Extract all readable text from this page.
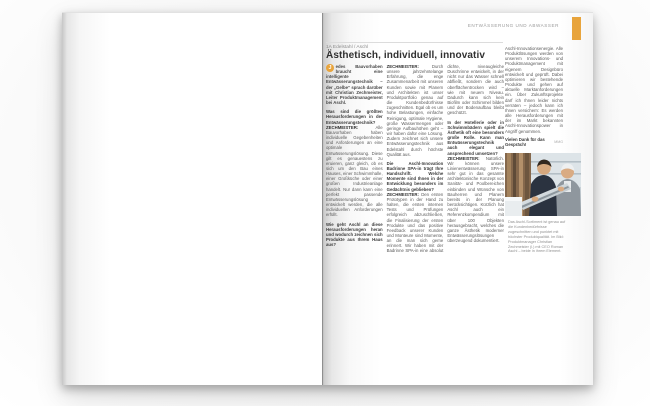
ENTWÄSSERUNG UND ABWASSER
1A Edelstahl / Aschl
Ästhetisch, individuell, innovativ

J edes Bauvorhaben braucht eine intelligente Entwässerungstechnik – der „Gelbe“ sprach darüber mit Christian Zechmeister, Leiter Produktmanagement bei Aschl.

Was sind die größten Herausforderungen in der Entwässerungstechnik?

ZECHMEISTER: Alle Bauvorhaben haben individuelle Gegebenheiten und Anforderungen an eine optimale Entwässerungslösung. Diese gilt es genauestens zu eruieren, ganz gleich, ob es sich um den Bau eines Hauses, einer Schwimmhalle, einer Großküche oder einer großen Industrieanlage handelt. Nur dann kann eine perfekt passende Entwässerungslösung entwickelt werden, die alle individuellen Anforderungen erfüllt.

Wie geht Aschl an diese Herausforderungen heran und wodurch zeichnen sich Produkte aus Ihrem Haus aus?

ZECHMEISTER: Durch unsere jahrzehntelange Erfahrung, die enge Zusammenarbeit mit unseren Kunden sowie mit Planern und Architekten ist unser Produktportfolio genau auf die Kundenbedürfnisse zugeschnitten. Egal ob es um hohe Belastungen, einfache Reinigung, optimale Hygiene, große Wassermengen oder geringe Aufbauhöhen geht – wir haben dafür eine Lösung. Zudem zeichnet sich unsere Entwässerungstechnik aus Edelstahl durch höchste Qualität aus.

Die Aschl-Innovation Badrinne SPA-in trägt Ihre Handschrift. Welche Momente sind Ihnen in der Entwicklung besonders im Gedächtnis geblieben?

ZECHMEISTER: Den ersten Prototypen in der Hand zu halten, die ersten internen Tests und Prüfungen erfolgreich abzuschließen, die Finalisierung der ersten Produkte und das positive Feedback unserer Kunden und Monteure sind Momente, an die man sich gerne erinnert. Wir haben mit der Badrinne SPA-in eine absolut dichte, niveaugleiche Duschrinne entwickelt, in der nicht nur das Wasser schnell abfließt, sondern die auch oberflächentrocken wird – wie mit neuem Niveau. Dadurch kann sich kein Biofilm oder Schimmel bilden und der Bodenaufbau bleibt geschützt.

In der Hotellerie oder in Schwimmbädern spielt die Ästhetik oft eine besonders große Rolle. Kann man Entwässerungstechnik auch elegant und ansprechend umsetzen?

ZECHMEISTER: Natürlich. Wir können unsere Linienentwässerung SPA-in sehr gut in das gesamte architektonische Konzept von Sanitär- und Poolbereichen einbinden und Wünsche von Bauherren und Planern bereits in der Planung berücksichtigen. Kürzlich hat Aschl auch ein Referenzkompendium mit über 100 Objekten herausgebracht, welches die ganze Ästhetik moderner Entwässerungslösungen überzeugend dokumentiert.

Aschl-Innovationsenergie. Alle Produktlösungen werden von unserem Innovations- und Produktmanagement mit eigenem Designbüro entwickelt und geprüft. Dabei optimieren wir bestehende Produkte und gehen auf aktuelle Marktanforderungen ein. Über Zukunftsprojekte darf ich Ihnen leider nichts verraten – jedoch kann ich Ihnen versichern: Es werden alle Herausforderungen mit der im Markt bekannten Aschl-Innovationspower in Angriff genommen.

Vielen Dank für das Gespräch!	MMG
Das Aschl-Sortiment ist genau auf die Kundenbedürfnisse zugeschnitten und punktet mit höchster Produktqualität. Im Bild: Produktmanager Christian Zechmeister (l.) mit CEO Roman Aschl – beide in ihrem Element.
